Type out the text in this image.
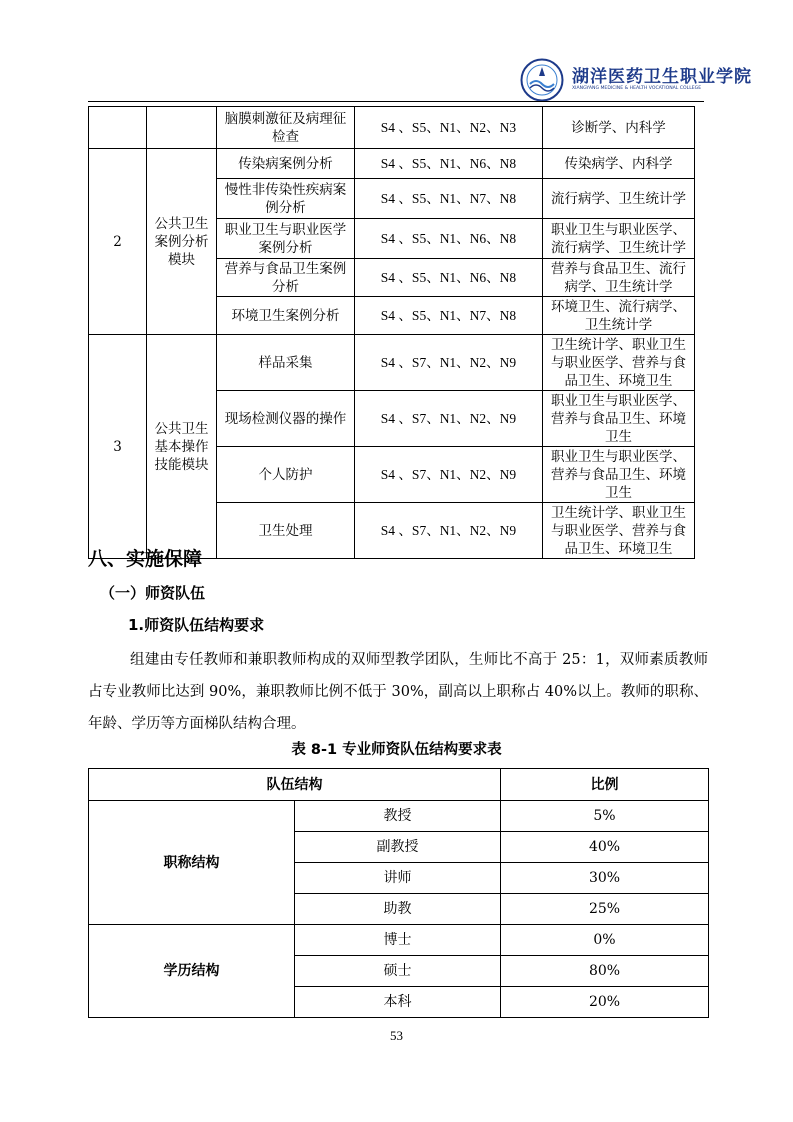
湖洋医药卫生职业学院
XIANGYANG MEDICINE & HEALTH VOCATIONAL COLLEGE
		脑膜刺激征及病理征检查	S4 、S5、N1、N2、N3	诊断学、内科学
2	公共卫生案例分析模块	传染病案例分析	S4 、S5、N1、N6、N8	传染病学、内科学
		慢性非传染性疾病案例分析	S4 、S5、N1、N7、N8	流行病学、卫生统计学
		职业卫生与职业医学案例分析	S4 、S5、N1、N6、N8	职业卫生与职业医学、流行病学、卫生统计学
		营养与食品卫生案例分析	S4 、S5、N1、N6、N8	营养与食品卫生、流行病学、卫生统计学
		环境卫生案例分析	S4 、S5、N1、N7、N8	环境卫生、流行病学、卫生统计学
3	公共卫生基本操作技能模块	样品采集	S4 、S7、N1、N2、N9	卫生统计学、职业卫生与职业医学、营养与食品卫生、环境卫生
		现场检测仪器的操作	S4 、S7、N1、N2、N9	职业卫生与职业医学、营养与食品卫生、环境卫生
		个人防护	S4 、S7、N1、N2、N9	职业卫生与职业医学、营养与食品卫生、环境卫生
		卫生处理	S4 、S7、N1、N2、N9	卫生统计学、职业卫生与职业医学、营养与食品卫生、环境卫生
八、实施保障
（一）师资队伍
1.师资队伍结构要求
组建由专任教师和兼职教师构成的双师型教学团队，生师比不高于 25：1，双师素质教师占专业教师比达到 90%，兼职教师比例不低于 30%，副高以上职称占 40%以上。教师的职称、年龄、学历等方面梯队结构合理。
表 8-1 专业师资队伍结构要求表
队伍结构		比例
职称结构	教授	5%
	副教授	40%
	讲师	30%
	助教	25%
学历结构	博士	0%
	硕士	80%
	本科	20%
53
